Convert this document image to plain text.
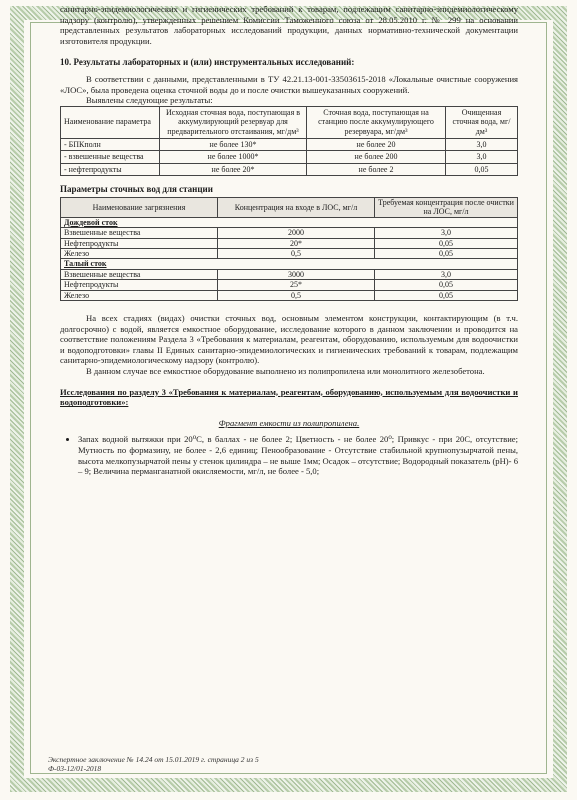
санитарно-эпидемиологических и гигиенических требований к товарам, подлежащим санитарно-эпидемиологическому надзору (контролю), утвержденных решением Комиссии Таможенного союза от 28.05.2010 г. № 299 на основании представленных результатов лабораторных исследований продукции, данных нормативно-технической документации изготовителя продукции.

10. Результаты лабораторных и (или) инструментальных исследований:

В соответствии с данными, представленными в ТУ 42.21.13-001-33503615-2018 «Локальные очистные сооружения «ЛОС», была проведена оценка сточной воды до и после очистки вышеуказанных сооружений.

Выявлены следующие результаты:

Наименование параметра	Исходная сточная вода, поступающая в аккумулирующий резервуар для предварительного отстаивания, мг/дм³	Сточная вода, поступающая на станцию после аккумулирующего резервуара, мг/дм³	Очищенная сточная вода, мг/дм³
- БПКполн	не более 130*	не более 20	3,0
- взвешенные вещества	не более 1000*	не более 200	3,0
- нефтепродукты	не более 20*	не более 2	0,05
Параметры сточных вод для станции
Наименование загрязнения	Концентрация на входе в ЛОС, мг/л	Требуемая концентрация после очистки на ЛОС, мг/л
Дождевой сток		
Взвешенные вещества	2000	3,0
Нефтепродукты	20*	0,05
Железо	0,5	0,05
Талый сток		
Взвешенные вещества	3000	3,0
Нефтепродукты	25*	0,05
Железо	0,5	0,05

На всех стадиях (видах) очистки сточных вод, основным элементом конструкции, контактирующим (в т.ч. долгосрочно) с водой, является емкостное оборудование, исследование которого в данном заключении и проводится на соответствие положениям Раздела 3 «Требования к материалам, реагентам, оборудованию, используемым для водоочистки и водоподготовки» главы II Единых санитарно-эпидемиологических и гигиенических требований к товарам, подлежащим санитарно-эпидемиологическому надзору (контролю).

В данном случае все емкостное оборудование выполнено из полипропилена или монолитного железобетона.

Исследования по разделу 3 «Требования к материалам, реагентам, оборудованию, используемым для водоочистки и водоподготовки»:

Фрагмент емкости из полипропилена.

• Запах водной вытяжки при 20⁰С, в баллах - не более 2; Цветность - не более 20⁰; Привкус - при 20С, отсутствие; Мутность по формазину, не более - 2,6 единиц; Пенообразование - Отсутствие стабильной крупнопузырчатой пены, высота мелкопузырчатой пены у стенок цилиндра – не выше 1мм; Осадок – отсутствие; Водородный показатель (pH)- 6 – 9; Величина перманганатной окисляемости, мг/л, не более - 5,0;
Экспертное заключение № 14.24 от 15.01.2019 г. страница 2 из 5
Ф-03-12/01-2018
